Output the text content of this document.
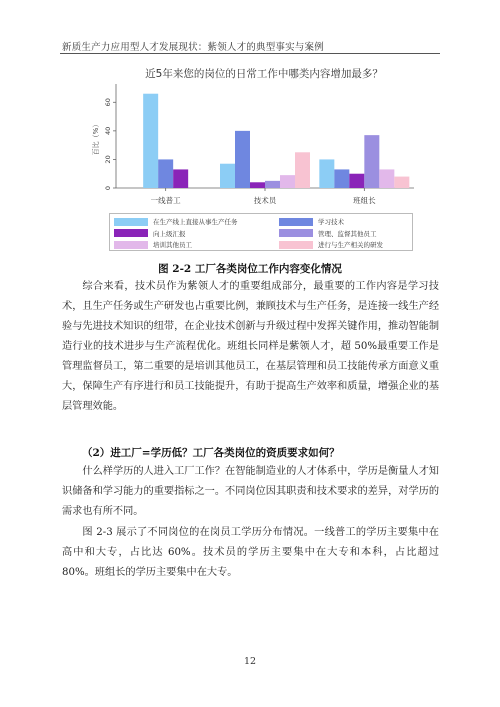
新质生产力应用型人才发展现状：紫领人才的典型事实与案例
近5年来您的岗位的日常工作中哪类内容增加最多？
0
20
40
60
百比（%）
一线普工	技术员	班组长
在生产线上直接从事生产任务	学习技术
向上级汇报	管理、监督其他员工
培训其他员工	进行与生产相关的研发
图 2-2 工厂各类岗位工作内容变化情况

综合来看，技术员作为紫领人才的重要组成部分，最重要的工作内容是学习技术，且生产任务或生产研发也占重要比例，兼顾技术与生产任务，是连接一线生产经验与先进技术知识的纽带，在企业技术创新与升级过程中发挥关键作用，推动智能制造行业的技术进步与生产流程优化。班组长同样是紫领人才，超 50%最重要工作是管理监督员工，第二重要的是培训其他员工，在基层管理和员工技能传承方面意义重大，保障生产有序进行和员工技能提升，有助于提高生产效率和质量，增强企业的基层管理效能。

（2）进工厂=学历低？工厂各类岗位的资质要求如何？

什么样学历的人进入工厂工作？在智能制造业的人才体系中，学历是衡量人才知识储备和学习能力的重要指标之一。不同岗位因其职责和技术要求的差异，对学历的需求也有所不同。

图 2-3 展示了不同岗位的在岗员工学历分布情况。一线普工的学历主要集中在高中和大专，占比达 60%。技术员的学历主要集中在大专和本科，占比超过 80%。班组长的学历主要集中在大专。

12
